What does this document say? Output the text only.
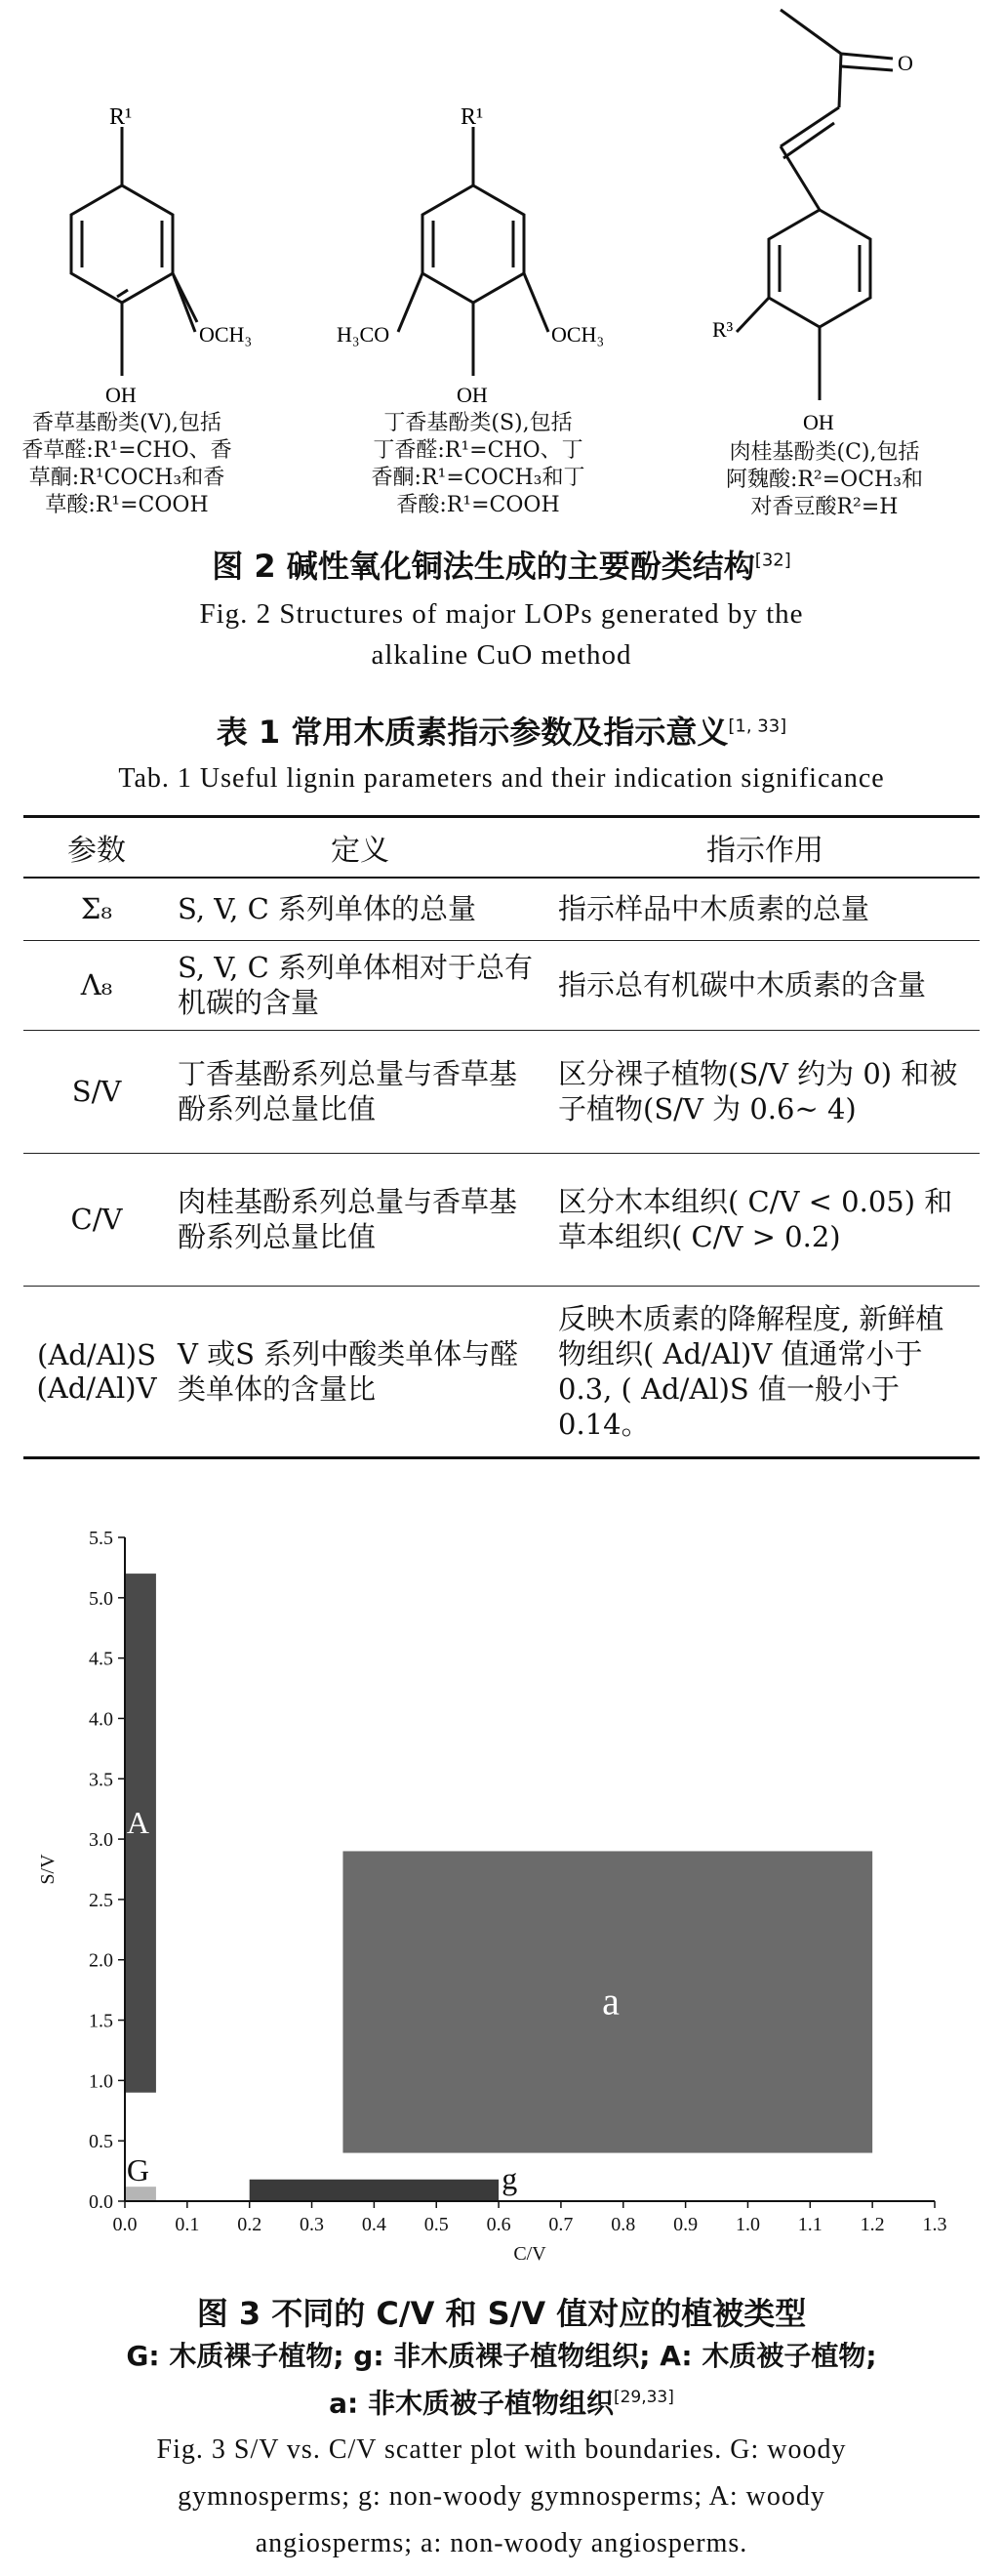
R¹
OCH₃
OH
R¹
H₃CO	OCH₃
OH
O
R³
OH
香草基酚类(V),包括
香草醛:R¹=CHO、香
草酮:R¹COCH₃和香
草酸:R¹=COOH
丁香基酚类(S),包括
丁香醛:R¹=CHO、丁
香酮:R¹=COCH₃和丁
香酸:R¹=COOH
肉桂基酚类(C),包括
阿魏酸:R²=OCH₃和
对香豆酸R²=H
图 2 碱性氧化铜法生成的主要酚类结构[32]
Fig. 2 Structures of major LOPs generated by the
alkaline CuO method
表 1 常用木质素指示参数及指示意义[1, 33]
Tab. 1 Useful lignin parameters and their indication significance
参数	定义	指示作用
Σ₈	S, V, C 系列单体的总量	指示样品中木质素的总量
Λ₈	S, V, C 系列单体相对于总有机碳的含量	指示总有机碳中木质素的含量
S/V	丁香基酚系列总量与香草基酚系列总量比值	区分裸子植物(S/V 约为 0) 和被子植物(S/V 为 0.6~ 4)
C/V	肉桂基酚系列总量与香草基酚系列总量比值	区分木本组织( C/V < 0.05) 和草本组织( C/V > 0.2)
(Ad/Al)S (Ad/Al)V	V 或S 系列中酸类单体与醛类单体的含量比	反映木质素的降解程度, 新鲜植物组织( Ad/Al)V 值通常小于 0.3, ( Ad/Al)S 值一般小于0.14。
0.0 0.1 0.2 0.3 0.4 0.5 0.6 0.7 0.8 0.9 1.0 1.1 1.2 1.3
0.0
0.5
1.0
1.5
2.0
2.5
3.0
3.5
4.0
4.5
5.0
5.5
C/V
S/V
A
a
G	g
图 3 不同的 C/V 和 S/V 值对应的植被类型
G: 木质裸子植物; g: 非木质裸子植物组织; A: 木质被子植物;
a: 非木质被子植物组织[29,33]
Fig. 3 S/V vs. C/V scatter plot with boundaries. G: woody
gymnosperms; g: non-woody gymnosperms; A: woody
angiosperms; a: non-woody angiosperms.
